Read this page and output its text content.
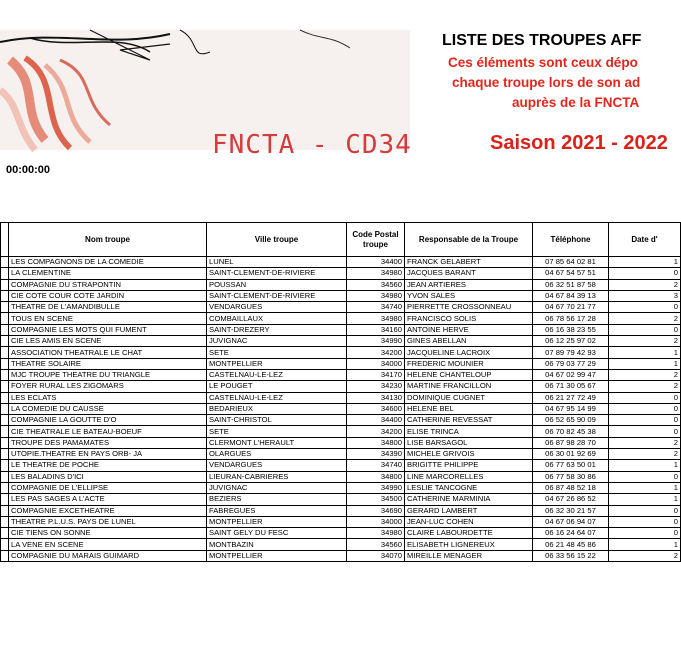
FNCTA - CD34
LISTE DES TROUPES AFF
Ces éléments sont ceux dépo
chaque troupe lors de son ad
auprès de la FNCTA
Saison 2021 - 2022
00:00:00
	Nom troupe	Ville troupe	Code Postal troupe	Responsable de la Troupe	Téléphone	Date d'
	LES COMPAGNONS DE LA COMEDIE	LUNEL	34400	FRANCK GELABERT	07 85 64 02 81	1
	LA CLEMENTINE	SAINT-CLEMENT-DE-RIVIERE	34980	JACQUES BARANT	04 67 54 57 51	0
	COMPAGNIE DU STRAPONTIN	POUSSAN	34560	JEAN ARTIERES	06 32 51 87 58	2
	CIE COTE COUR COTE JARDIN	SAINT-CLEMENT-DE-RIVIERE	34980	YVON SALES	04 67 84 39 13	3
	THEATRE DE L'AMANDIBULLE	VENDARGUES	34740	PIERRETTE CROSSONNEAU	04 67 70 21 77	0
	TOUS EN SCENE	COMBAILLAUX	34980	FRANCISCO SOLIS	06 78 56 17 28	2
	COMPAGNIE LES MOTS QUI FUMENT	SAINT-DREZERY	34160	ANTOINE HERVE	06 16 38 23 55	0
	CIE LES AMIS EN SCENE	JUVIGNAC	34990	GINES ABELLAN	06 12 25 97 02	2
	ASSOCIATION THEATRALE LE CHAT	SETE	34200	JACQUELINE LACROIX	07 89 79 42 93	1
	THEATRE SOLAIRE	MONTPELLIER	34000	FREDERIC MOUNIER	06 79 03 77 29	1
	MJC TROUPE THEATRE DU TRIANGLE	CASTELNAU-LE-LEZ	34170	HELENE CHANTELOUP	04 67 02 99 47	2
	FOYER RURAL LES ZIGOMARS	LE POUGET	34230	MARTINE FRANCILLON	06 71 30 05 67	2
	LES ECLATS	CASTELNAU-LE-LEZ	34130	DOMINIQUE CUGNET	06 21 27 72 49	0
	LA COMEDIE DU CAUSSE	BEDARIEUX	34600	HELENE BEL	04 67 95 14 99	0
	COMPAGNIE LA GOUTTE D'O	SAINT-CHRISTOL	34400	CATHERINE REVESSAT	06 52 65 90 09	0
	CIE THEATRALE LE BATEAU-BOEUF	SETE	34200	ELISE TRINCA	06 70 82 45 38	0
	TROUPE DES PAMAMATES	CLERMONT L'HERAULT	34800	LISE BARSAGOL	06 87 98 28 70	2
	UTOPIE.THEATRE EN PAYS ORB- JA	OLARGUES	34390	MICHELE GRIVOIS	06 30 01 92 69	2
	LE THEATRE DE POCHE	VENDARGUES	34740	BRIGITTE PHILIPPE	06 77 63 50 01	1
	LES BALADINS D'ICI	LIEURAN-CABRIERES	34800	LINE MARCORELLES	06 77 58 30 86	0
	COMPAGNIE DE L'ELLIPSE	JUVIGNAC	34990	LESLIE TANCOGNE	06 87 48 52 18	1
	LES PAS SAGES A L'ACTE	BEZIERS	34500	CATHERINE MARMINIA	04 67 26 86 52	1
	COMPAGNIE EXCETHEATRE	FABREGUES	34690	GERARD LAMBERT	06 32 30 21 57	0
	THEATRE P.L.U.S. PAYS DE LUNEL	MONTPELLIER	34000	JEAN-LUC COHEN	04 67 06 94 07	0
	CIE TIENS ON SONNE	SAINT GELY DU FESC	34980	CLAIRE LABOURDETTE	06 16 24 64 07	0
	LA VENE EN SCENE	MONTBAZIN	34560	ELISABETH LIGNEREUX	06 21 48 45 86	1
	COMPAGNIE DU MARAIS GUIMARD	MONTPELLIER	34070	MIREILLE MENAGER	06 33 56 15 22	2
